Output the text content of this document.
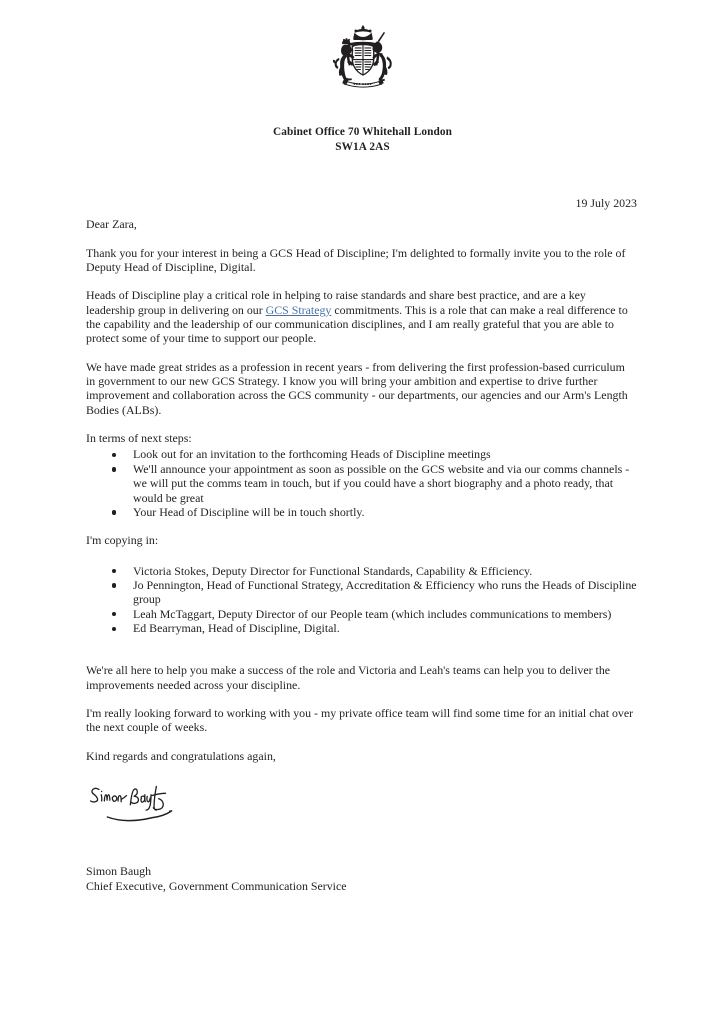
Cabinet Office 70 Whitehall London
SW1A 2AS
19 July 2023

Dear Zara,

Thank you for your interest in being a GCS Head of Discipline; I'm delighted to formally invite you to the role of Deputy Head of Discipline, Digital.

Heads of Discipline play a critical role in helping to raise standards and share best practice, and are a key leadership group in delivering on our GCS Strategy commitments. This is a role that can make a real difference to the capability and the leadership of our communication disciplines, and I am really grateful that you are able to protect some of your time to support our people.

We have made great strides as a profession in recent years - from delivering the first profession-based curriculum in government to our new GCS Strategy. I know you will bring your ambition and expertise to drive further improvement and collaboration across the GCS community - our departments, our agencies and our Arm's Length Bodies (ALBs).

In terms of next steps:

Look out for an invitation to the forthcoming Heads of Discipline meetings
We'll announce your appointment as soon as possible on the GCS website and via our comms channels - we will put the comms team in touch, but if you could have a short biography and a photo ready, that would be great
Your Head of Discipline will be in touch shortly.

I'm copying in:

Victoria Stokes, Deputy Director for Functional Standards, Capability & Efficiency.
Jo Pennington, Head of Functional Strategy, Accreditation & Efficiency who runs the Heads of Discipline group
Leah McTaggart, Deputy Director of our People team (which includes communications to members)
Ed Bearryman, Head of Discipline, Digital.

We're all here to help you make a success of the role and Victoria and Leah's teams can help you to deliver the improvements needed across your discipline.

I'm really looking forward to working with you - my private office team will find some time for an initial chat over the next couple of weeks.

Kind regards and congratulations again,

Simon Baugh
Chief Executive, Government Communication Service
